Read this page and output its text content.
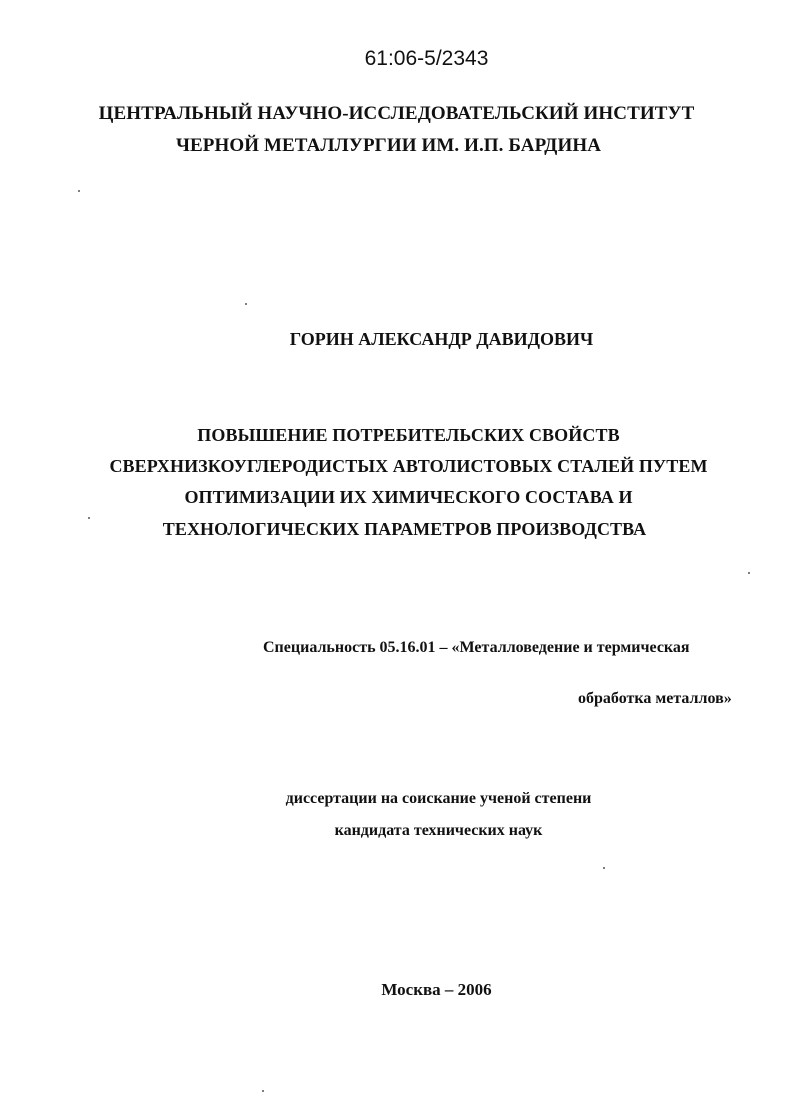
61:06-5/2343
ЦЕНТРАЛЬНЫЙ НАУЧНО-ИССЛЕДОВАТЕЛЬСКИЙ ИНСТИТУТ
ЧЕРНОЙ МЕТАЛЛУРГИИ ИМ. И.П. БАРДИНА
ГОРИН АЛЕКСАНДР ДАВИДОВИЧ
ПОВЫШЕНИЕ ПОТРЕБИТЕЛЬСКИХ СВОЙСТВ
СВЕРХНИЗКОУГЛЕРОДИСТЫХ АВТОЛИСТОВЫХ СТАЛЕЙ ПУТЕМ
ОПТИМИЗАЦИИ ИХ ХИМИЧЕСКОГО СОСТАВА И
ТЕХНОЛОГИЧЕСКИХ ПАРАМЕТРОВ ПРОИЗВОДСТВА
Специальность 05.16.01 – «Металловедение и термическая
обработка металлов»
диссертации на соискание ученой степени
кандидата технических наук
Москва – 2006
